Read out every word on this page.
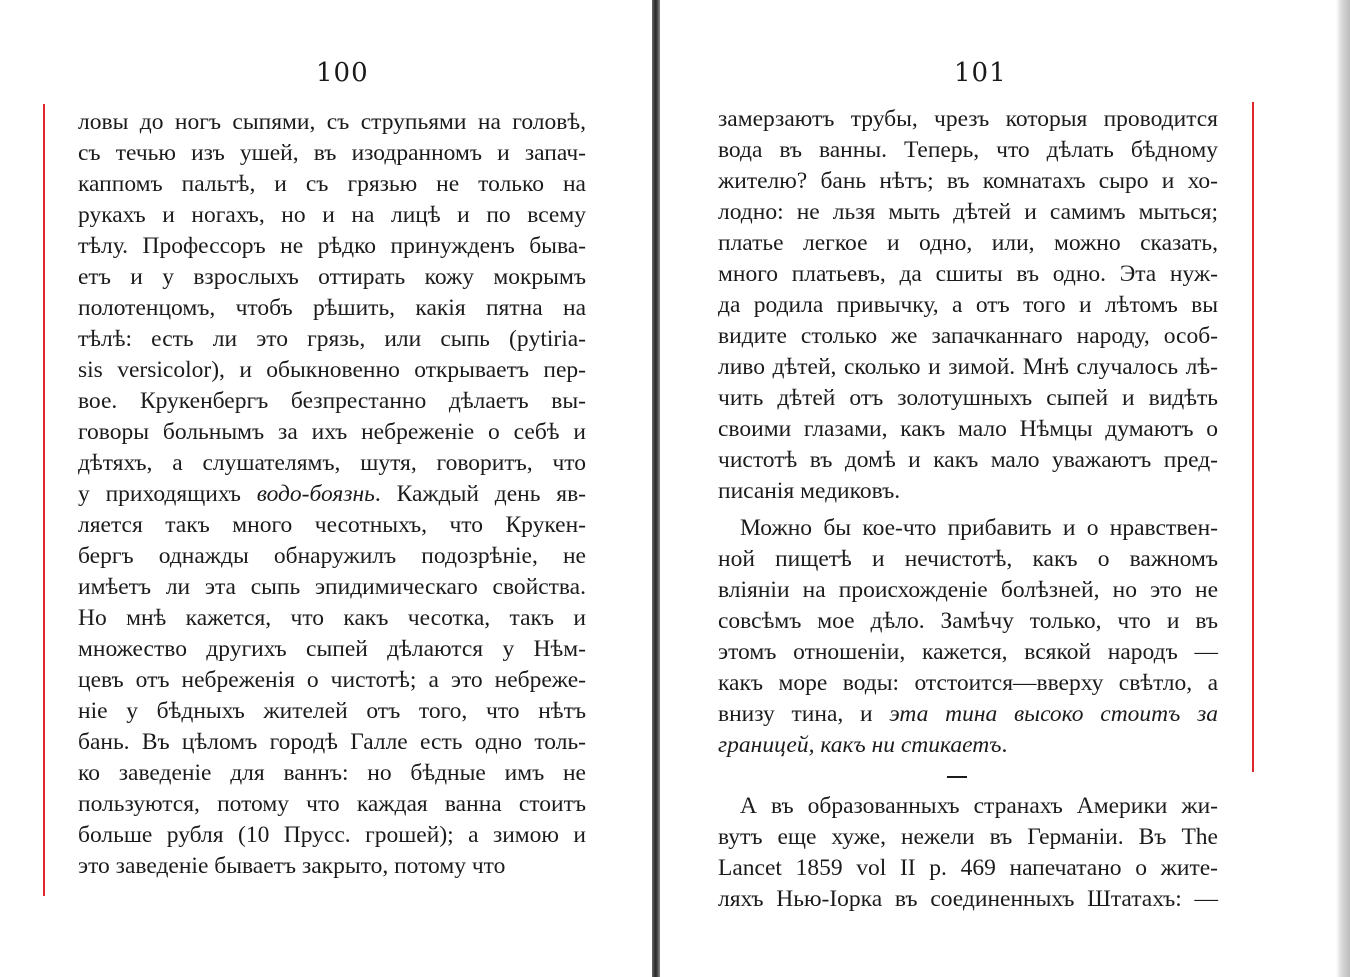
100
ловы до ногъ сыпями, съ струпьями на головѣ,
съ течью изъ ушей, въ изодранномъ и запач-
каппомъ пальтѣ, и съ грязью не только на
рукахъ и ногахъ, но и на лицѣ и по всему
тѣлу. Профессоръ не рѣдко принужденъ быва-
етъ и у взрослыхъ оттирать кожу мокрымъ
полотенцомъ, чтобъ рѣшить, какія пятна на
тѣлѣ: есть ли это грязь, или сыпь (pytiria-
sis versicolor), и обыкновенно открываетъ пер-
вое. Крукенбергъ безпрестанно дѣлаетъ вы-
говоры больнымъ за ихъ небреженіе о себѣ и
дѣтяхъ, а слушателямъ, шутя, говоритъ, что
у приходящихъ водо-боязнь. Каждый день яв-
ляется такъ много чесотныхъ, что Крукен-
бергъ однажды обнаружилъ подозрѣніе, не
имѣетъ ли эта сыпь эпидимическаго свойства.
Но мнѣ кажется, что какъ чесотка, такъ и
множество другихъ сыпей дѣлаются у Нѣм-
цевъ отъ небреженія о чистотѣ; а это небреже-
ніе у бѣдныхъ жителей отъ того, что нѣтъ
бань. Въ цѣломъ городѣ Галле есть одно толь-
ко заведеніе для ваннъ: но бѣдные имъ не
пользуются, потому что каждая ванна стоитъ
больше рубля (10 Прусс. грошей); а зимою и
это заведеніе бываетъ закрыто, потому что
101
замерзаютъ трубы, чрезъ которыя проводится
вода въ ванны. Теперь, что дѣлать бѣдному
жителю? бань нѣтъ; въ комнатахъ сыро и хо-
лодно: не льзя мыть дѣтей и самимъ мыться;
платье легкое и одно, или, можно сказать,
много платьевъ, да сшиты въ одно. Эта нуж-
да родила привычку, а отъ того и лѣтомъ вы
видите столько же запачканнаго народу, особ-
ливо дѣтей, сколько и зимой. Мнѣ случалось лѣ-
чить дѣтей отъ золотушныхъ сыпей и видѣть
своими глазами, какъ мало Нѣмцы думаютъ о
чистотѣ въ домѣ и какъ мало уважаютъ пред-
писанія медиковъ.
Можно бы кое-что прибавить и о нравствен-
ной пищетѣ и нечистотѣ, какъ о важномъ
вліяніи на происхожденіе болѣзней, но это не
совсѣмъ мое дѣло. Замѣчу только, что и въ
этомъ отношеніи, кажется, всякой народъ —
какъ море воды: отстоится—вверху свѣтло, а
внизу тина, и эта тина высоко стоитъ за
границей, какъ ни стикаетъ.
А въ образованныхъ странахъ Америки жи-
вутъ еще хуже, нежели въ Германіи. Въ The
Lancet 1859 vol II p. 469 напечатано о жите-
ляхъ Нью-Іорка въ соединенныхъ Штатахъ: —
